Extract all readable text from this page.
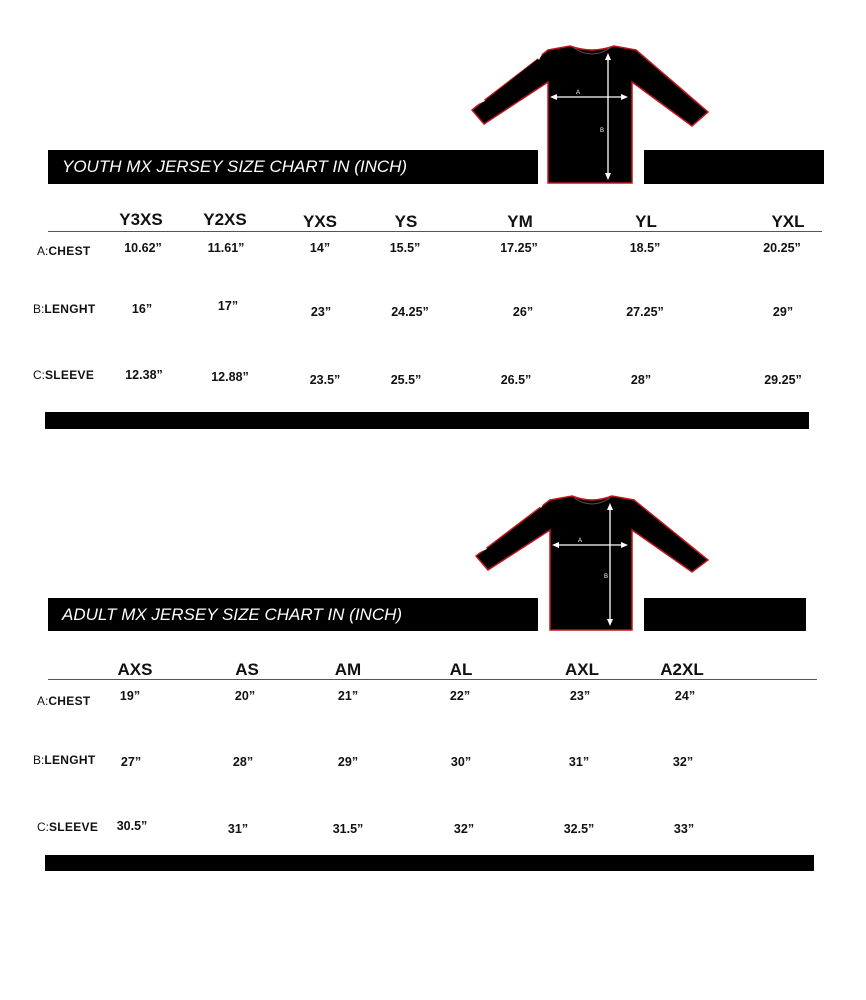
A
B
C
YOUTH MX JERSEY SIZE CHART IN (INCH)
Y3XS Y2XS	YXS	YS	YM	YL	YXL
A:CHEST	10.62”	11.61”	14”	15.5”	17.25”	18.5”	20.25”
B:LENGHT	16”	17”	23”	24.25”	26”	27.25”	29”
C:SLEEVE 12.38”	12.88”	23.5”	25.5”	26.5”	28”	29.25”
A
B
C
ADULT MX JERSEY SIZE CHART IN (INCH)
AXS	AS	AM	AL	AXL	A2XL
A:CHEST 19”	20”	21”	22”	23”	24”
B:LENGHT 27”	28”	29”	30”	31”	32”
C:SLEEVE 30.5”	31”	31.5”	32”	32.5”	33”
